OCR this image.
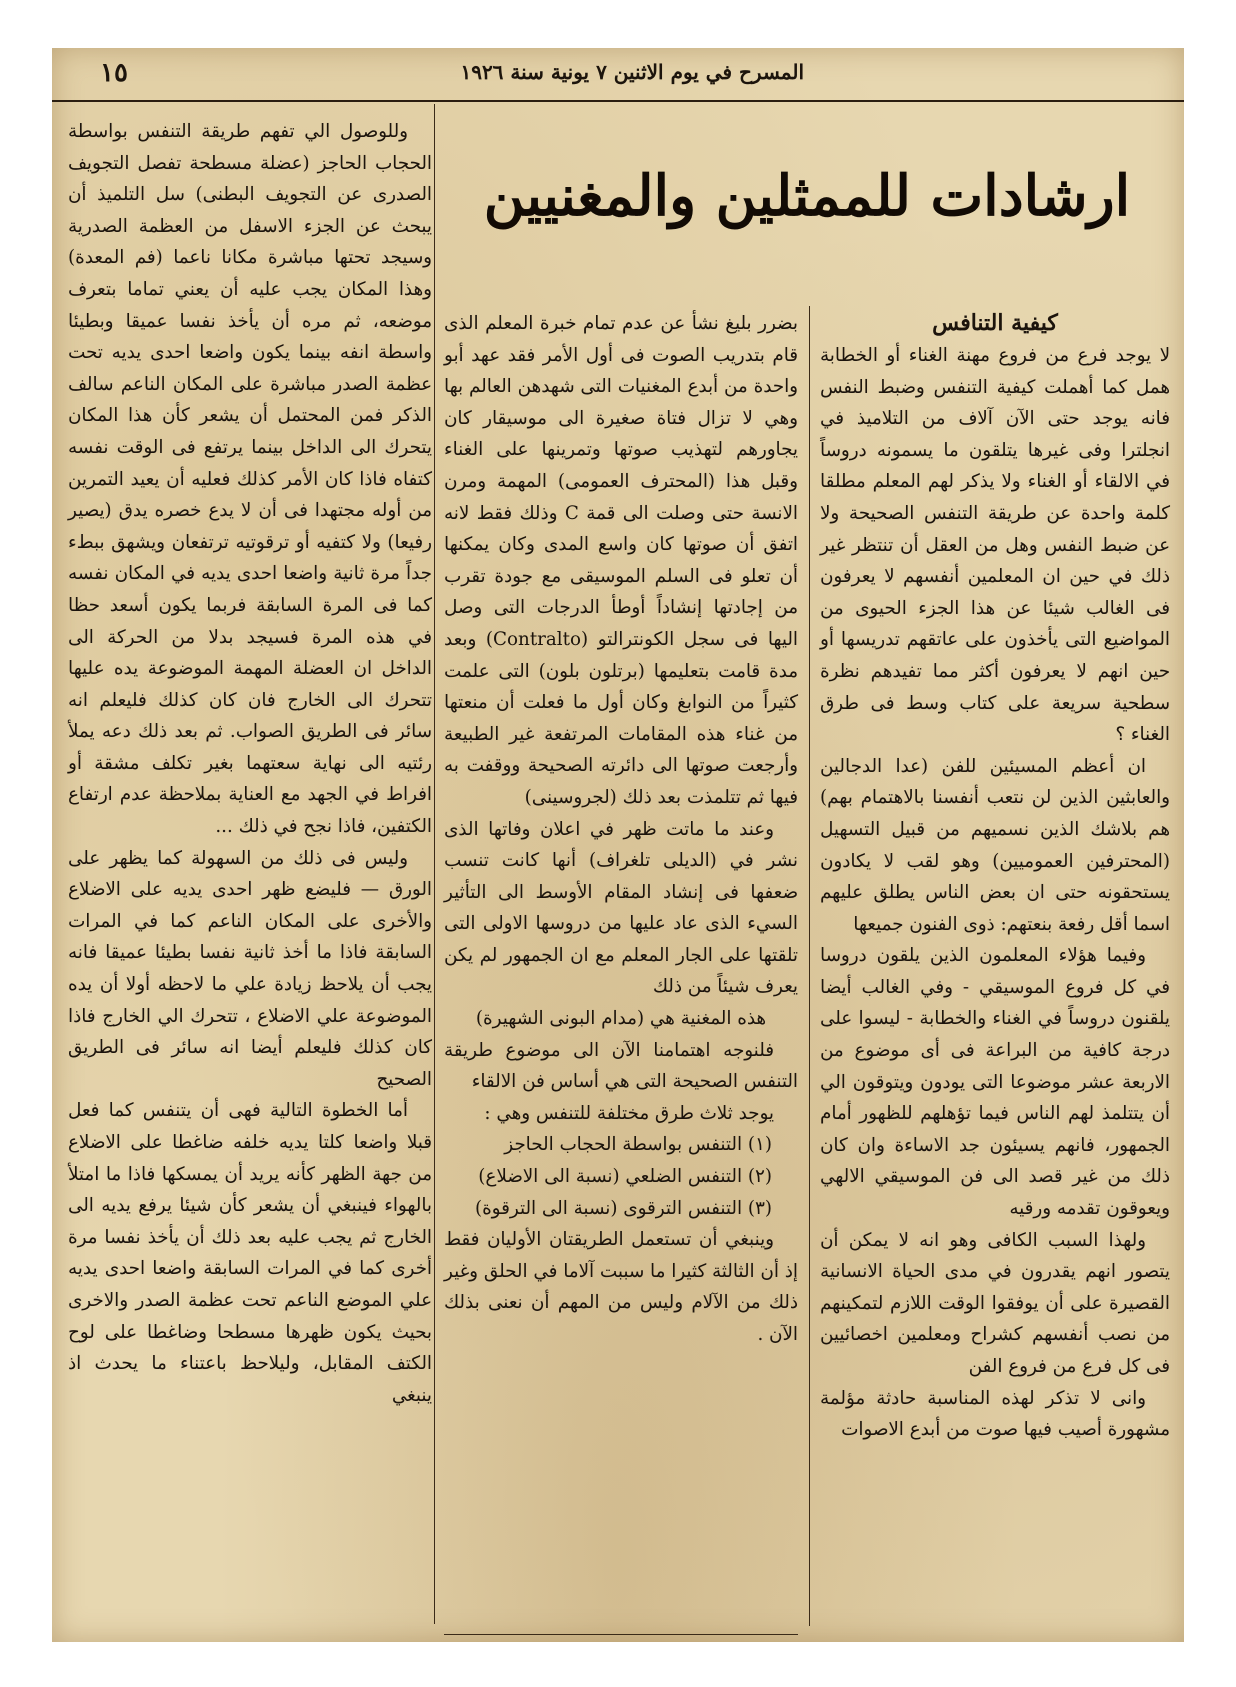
١٥	المسرح في يوم الاثنين ٧ يونية سنة ١٩٢٦
ارشادات للممثلين والمغنيين

كيفية التنافس

لا يوجد فرع من فروع مهنة الغناء أو الخطابة همل كما أهملت كيفية التنفس وضبط النفس فانه يوجد حتى الآن آلاف من التلاميذ في انجلترا وفى غيرها يتلقون ما يسمونه دروساً في الالقاء أو الغناء ولا يذكر لهم المعلم مطلقا كلمة واحدة عن طريقة التنفس الصحيحة ولا عن ضبط النفس وهل من العقل أن تنتظر غير ذلك في حين ان المعلمين أنفسهم لا يعرفون فى الغالب شيئا عن هذا الجزء الحيوى من المواضيع التى يأخذون على عاتقهم تدريسها أو حين انهم لا يعرفون أكثر مما تفيدهم نظرة سطحية سريعة على كتاب وسط فى طرق الغناء ؟

ان أعظم المسيئين للفن (عدا الدجالين والعابثين الذين لن نتعب أنفسنا بالاهتمام بهم) هم بلاشك الذين نسميهم من قبيل التسهيل (المحترفين العموميين) وهو لقب لا يكادون يستحقونه حتى ان بعض الناس يطلق عليهم اسما أقل رفعة بنعتهم: ذوى الفنون جميعها

وفيما هؤلاء المعلمون الذين يلقون دروسا في كل فروع الموسيقي - وفي الغالب أيضا يلقنون دروساً في الغناء والخطابة - ليسوا على درجة كافية من البراعة فى أى موضوع من الاربعة عشر موضوعا التى يودون ويتوقون الي أن يتتلمذ لهم الناس فيما تؤهلهم للظهور أمام الجمهور، فانهم يسيئون جد الاساءة وان كان ذلك من غير قصد الى فن الموسيقي الالهي ويعوقون تقدمه ورقيه

ولهذا السبب الكافى وهو انه لا يمكن أن يتصور انهم يقدرون في مدى الحياة الانسانية القصيرة على أن يوفقوا الوقت اللازم لتمكينهم من نصب أنفسهم كشراح ومعلمين اخصائيين فى كل فرع من فروع الفن

وانى لا تذكر لهذه المناسبة حادثة مؤلمة مشهورة أصيب فيها صوت من أبدع الاصوات

بضرر بليغ نشأ عن عدم تمام خبرة المعلم الذى قام بتدريب الصوت فى أول الأمر فقد عهد أبو واحدة من أبدع المغنيات التى شهدهن العالم بها وهي لا تزال فتاة صغيرة الى موسيقار كان يجاورهم لتهذيب صوتها وتمرينها على الغناء وقبل هذا (المحترف العمومى) المهمة ومرن الانسة حتى وصلت الى قمة C وذلك فقط لانه اتفق أن صوتها كان واسع المدى وكان يمكنها أن تعلو فى السلم الموسيقى مع جودة تقرب من إجادتها إنشاداً أوطأ الدرجات التى وصل اليها فى سجل الكونترالتو (Contralto) وبعد مدة قامت بتعليمها (برتلون بلون) التى علمت كثيراً من النوابغ وكان أول ما فعلت أن منعتها من غناء هذه المقامات المرتفعة غير الطبيعة وأرجعت صوتها الى دائرته الصحيحة ووقفت به فيها ثم تتلمذت بعد ذلك (لجروسينى)

وعند ما ماتت ظهر في اعلان وفاتها الذى نشر في (الديلى تلغراف) أنها كانت تنسب ضعفها فى إنشاد المقام الأوسط الى التأثير السيء الذى عاد عليها من دروسها الاولى التى تلقتها على الجار المعلم مع ان الجمهور لم يكن يعرف شيئاً من ذلك

هذه المغنية هي (مدام البونى الشهيرة)

فلنوجه اهتمامنا الآن الى موضوع طريقة التنفس الصحيحة التى هي أساس فن الالقاء

يوجد ثلاث طرق مختلفة للتنفس وهي :

(١) التنفس بواسطة الحجاب الحاجز

(٢) التنفس الضلعي (نسبة الى الاضلاع)

(٣) التنفس الترقوى (نسبة الى الترقوة)

وينبغي أن تستعمل الطريقتان الأوليان فقط إذ أن الثالثة كثيرا ما سببت آلاما في الحلق وغير ذلك من الآلام وليس من المهم أن نعنى بذلك الآن .

وللوصول الي تفهم طريقة التنفس بواسطة الحجاب الحاجز (عضلة مسطحة تفصل التجويف الصدرى عن التجويف البطنى) سل التلميذ أن يبحث عن الجزء الاسفل من العظمة الصدرية وسيجد تحتها مباشرة مكانا ناعما (فم المعدة) وهذا المكان يجب عليه أن يعني تماما بتعرف موضعه، ثم مره أن يأخذ نفسا عميقا وبطيئا واسطة انفه بينما يكون واضعا احدى يديه تحت عظمة الصدر مباشرة على المكان الناعم سالف الذكر فمن المحتمل أن يشعر كأن هذا المكان يتحرك الى الداخل بينما يرتفع فى الوقت نفسه كتفاه فاذا كان الأمر كذلك فعليه أن يعيد التمرين من أوله مجتهدا فى أن لا يدع خصره يدق (يصير رفيعا) ولا كتفيه أو ترقوتيه ترتفعان ويشهق ببطء جداً مرة ثانية واضعا احدى يديه في المكان نفسه كما فى المرة السابقة فربما يكون أسعد حظا في هذه المرة فسيجد بدلا من الحركة الى الداخل ان العضلة المهمة الموضوعة يده عليها تتحرك الى الخارج فان كان كذلك فليعلم انه سائر فى الطريق الصواب. ثم بعد ذلك دعه يملأ رئتيه الى نهاية سعتهما بغير تكلف مشقة أو افراط في الجهد مع العناية بملاحظة عدم ارتفاع الكتفين، فاذا نجح في ذلك ...

وليس فى ذلك من السهولة كما يظهر على الورق — فليضع ظهر احدى يديه على الاضلاع والأخرى على المكان الناعم كما في المرات السابقة فاذا ما أخذ ثانية نفسا بطيئا عميقا فانه يجب أن يلاحظ زيادة علي ما لاحظه أولا أن يده الموضوعة علي الاضلاع ، تتحرك الي الخارج فاذا كان كذلك فليعلم أيضا انه سائر فى الطريق الصحيح

أما الخطوة التالية فهى أن يتنفس كما فعل قبلا واضعا كلتا يديه خلفه ضاغطا على الاضلاع من جهة الظهر كأنه يريد أن يمسكها فاذا ما امتلأ بالهواء فينبغي أن يشعر كأن شيئا يرفع يديه الى الخارج ثم يجب عليه بعد ذلك أن يأخذ نفسا مرة أخرى كما في المرات السابقة واضعا احدى يديه علي الموضع الناعم تحت عظمة الصدر والاخرى بحيث يكون ظهرها مسطحا وضاغطا على لوح الكتف المقابل، وليلاحظ باعتناء ما يحدث اذ ينبغي
